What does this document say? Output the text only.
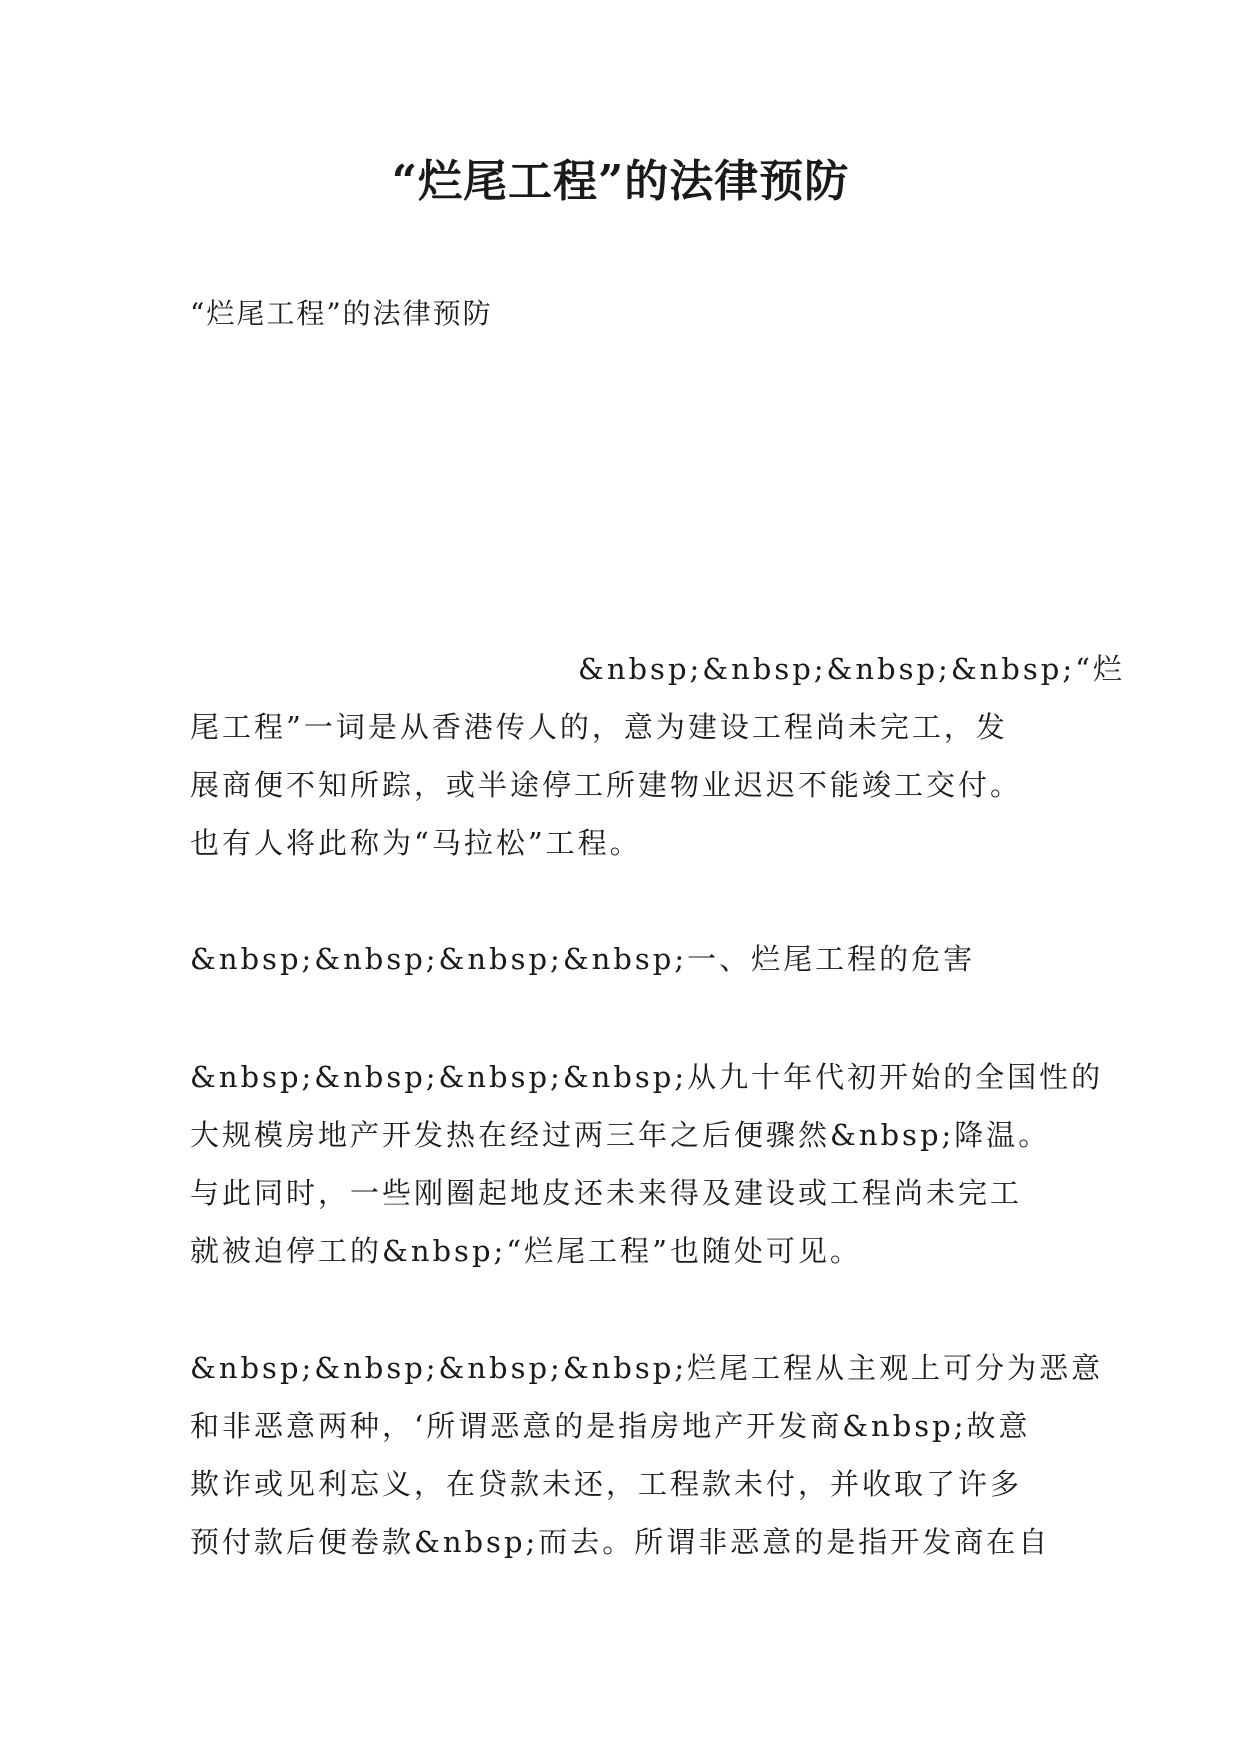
“烂尾工程”的法律预防

“烂尾工程”的法律预防

&nbsp;&nbsp;&nbsp;&nbsp;“烂
尾工程”一词是从香港传人的，意为建设工程尚未完工，发
展商便不知所踪，或半途停工所建物业迟迟不能竣工交付。
也有人将此称为“马拉松”工程。

&nbsp;&nbsp;&nbsp;&nbsp;一、烂尾工程的危害

&nbsp;&nbsp;&nbsp;&nbsp;从九十年代初开始的全国性的
大规模房地产开发热在经过两三年之后便骤然&nbsp;降温。
与此同时，一些刚圈起地皮还未来得及建设或工程尚未完工
就被迫停工的&nbsp;“烂尾工程”也随处可见。

&nbsp;&nbsp;&nbsp;&nbsp;烂尾工程从主观上可分为恶意
和非恶意两种，‘所谓恶意的是指房地产开发商&nbsp;故意
欺诈或见利忘义，在贷款未还，工程款未付，并收取了许多
预付款后便卷款&nbsp;而去。所谓非恶意的是指开发商在自
